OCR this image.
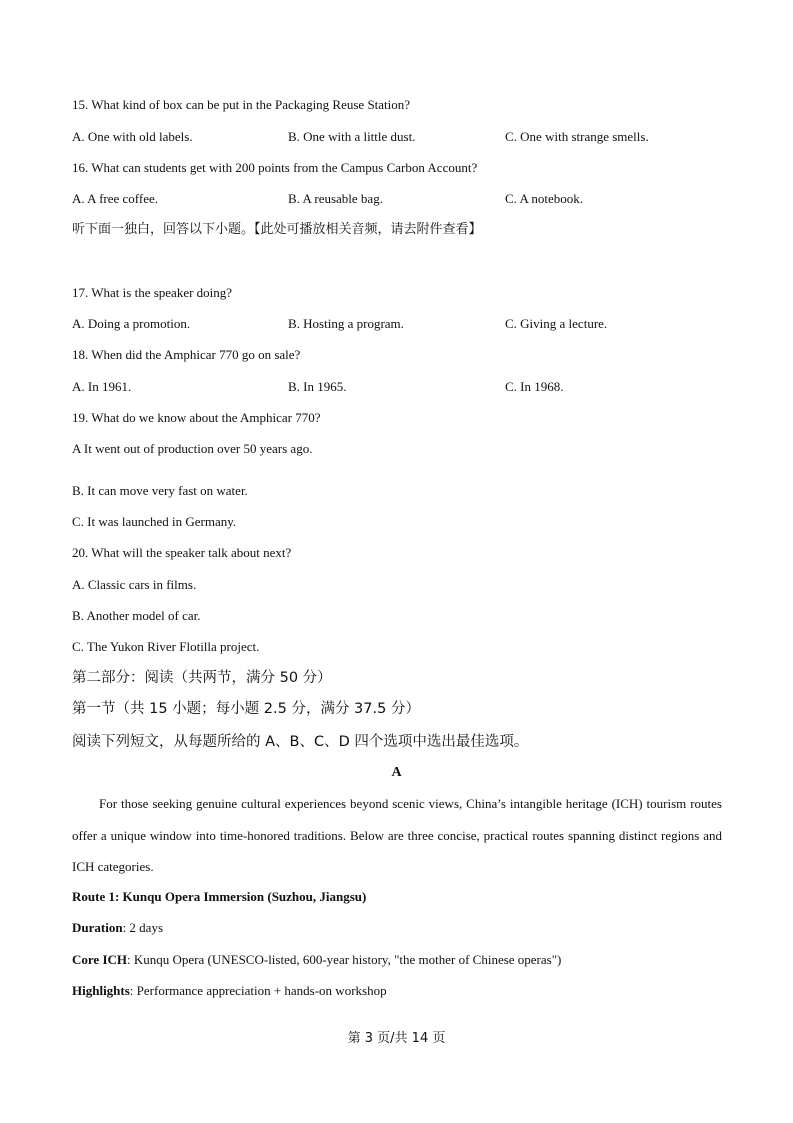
15. What kind of box can be put in the Packaging Reuse Station?
A. One with old labels.	B. One with a little dust.	C. One with strange smells.
16. What can students get with 200 points from the Campus Carbon Account?
A. A free coffee.	B. A reusable bag.	C. A notebook.
听下面一独白，回答以下小题。【此处可播放相关音频，请去附件查看】
17. What is the speaker doing?
A. Doing a promotion.	B. Hosting a program.	C. Giving a lecture.
18. When did the Amphicar 770 go on sale?
A. In 1961.	B. In 1965.	C. In 1968.
19. What do we know about the Amphicar 770?
A It went out of production over 50 years ago.
B. It can move very fast on water.
C. It was launched in Germany.
20. What will the speaker talk about next?
A. Classic cars in films.
B. Another model of car.
C. The Yukon River Flotilla project.
第二部分：阅读（共两节，满分 50 分）
第一节（共 15 小题；每小题 2.5 分，满分 37.5 分）
阅读下列短文，从每题所给的 A、B、C、D 四个选项中选出最佳选项。
A
For those seeking genuine cultural experiences beyond scenic views, China’s intangible heritage (ICH) tourism routes offer a unique window into time-honored traditions. Below are three concise, practical routes spanning distinct regions and ICH categories.
Route 1: Kunqu Opera Immersion (Suzhou, Jiangsu)
Duration: 2 days
Core ICH: Kunqu Opera (UNESCO-listed, 600-year history, "the mother of Chinese operas")
Highlights: Performance appreciation + hands-on workshop
第 3 页/共 14 页
